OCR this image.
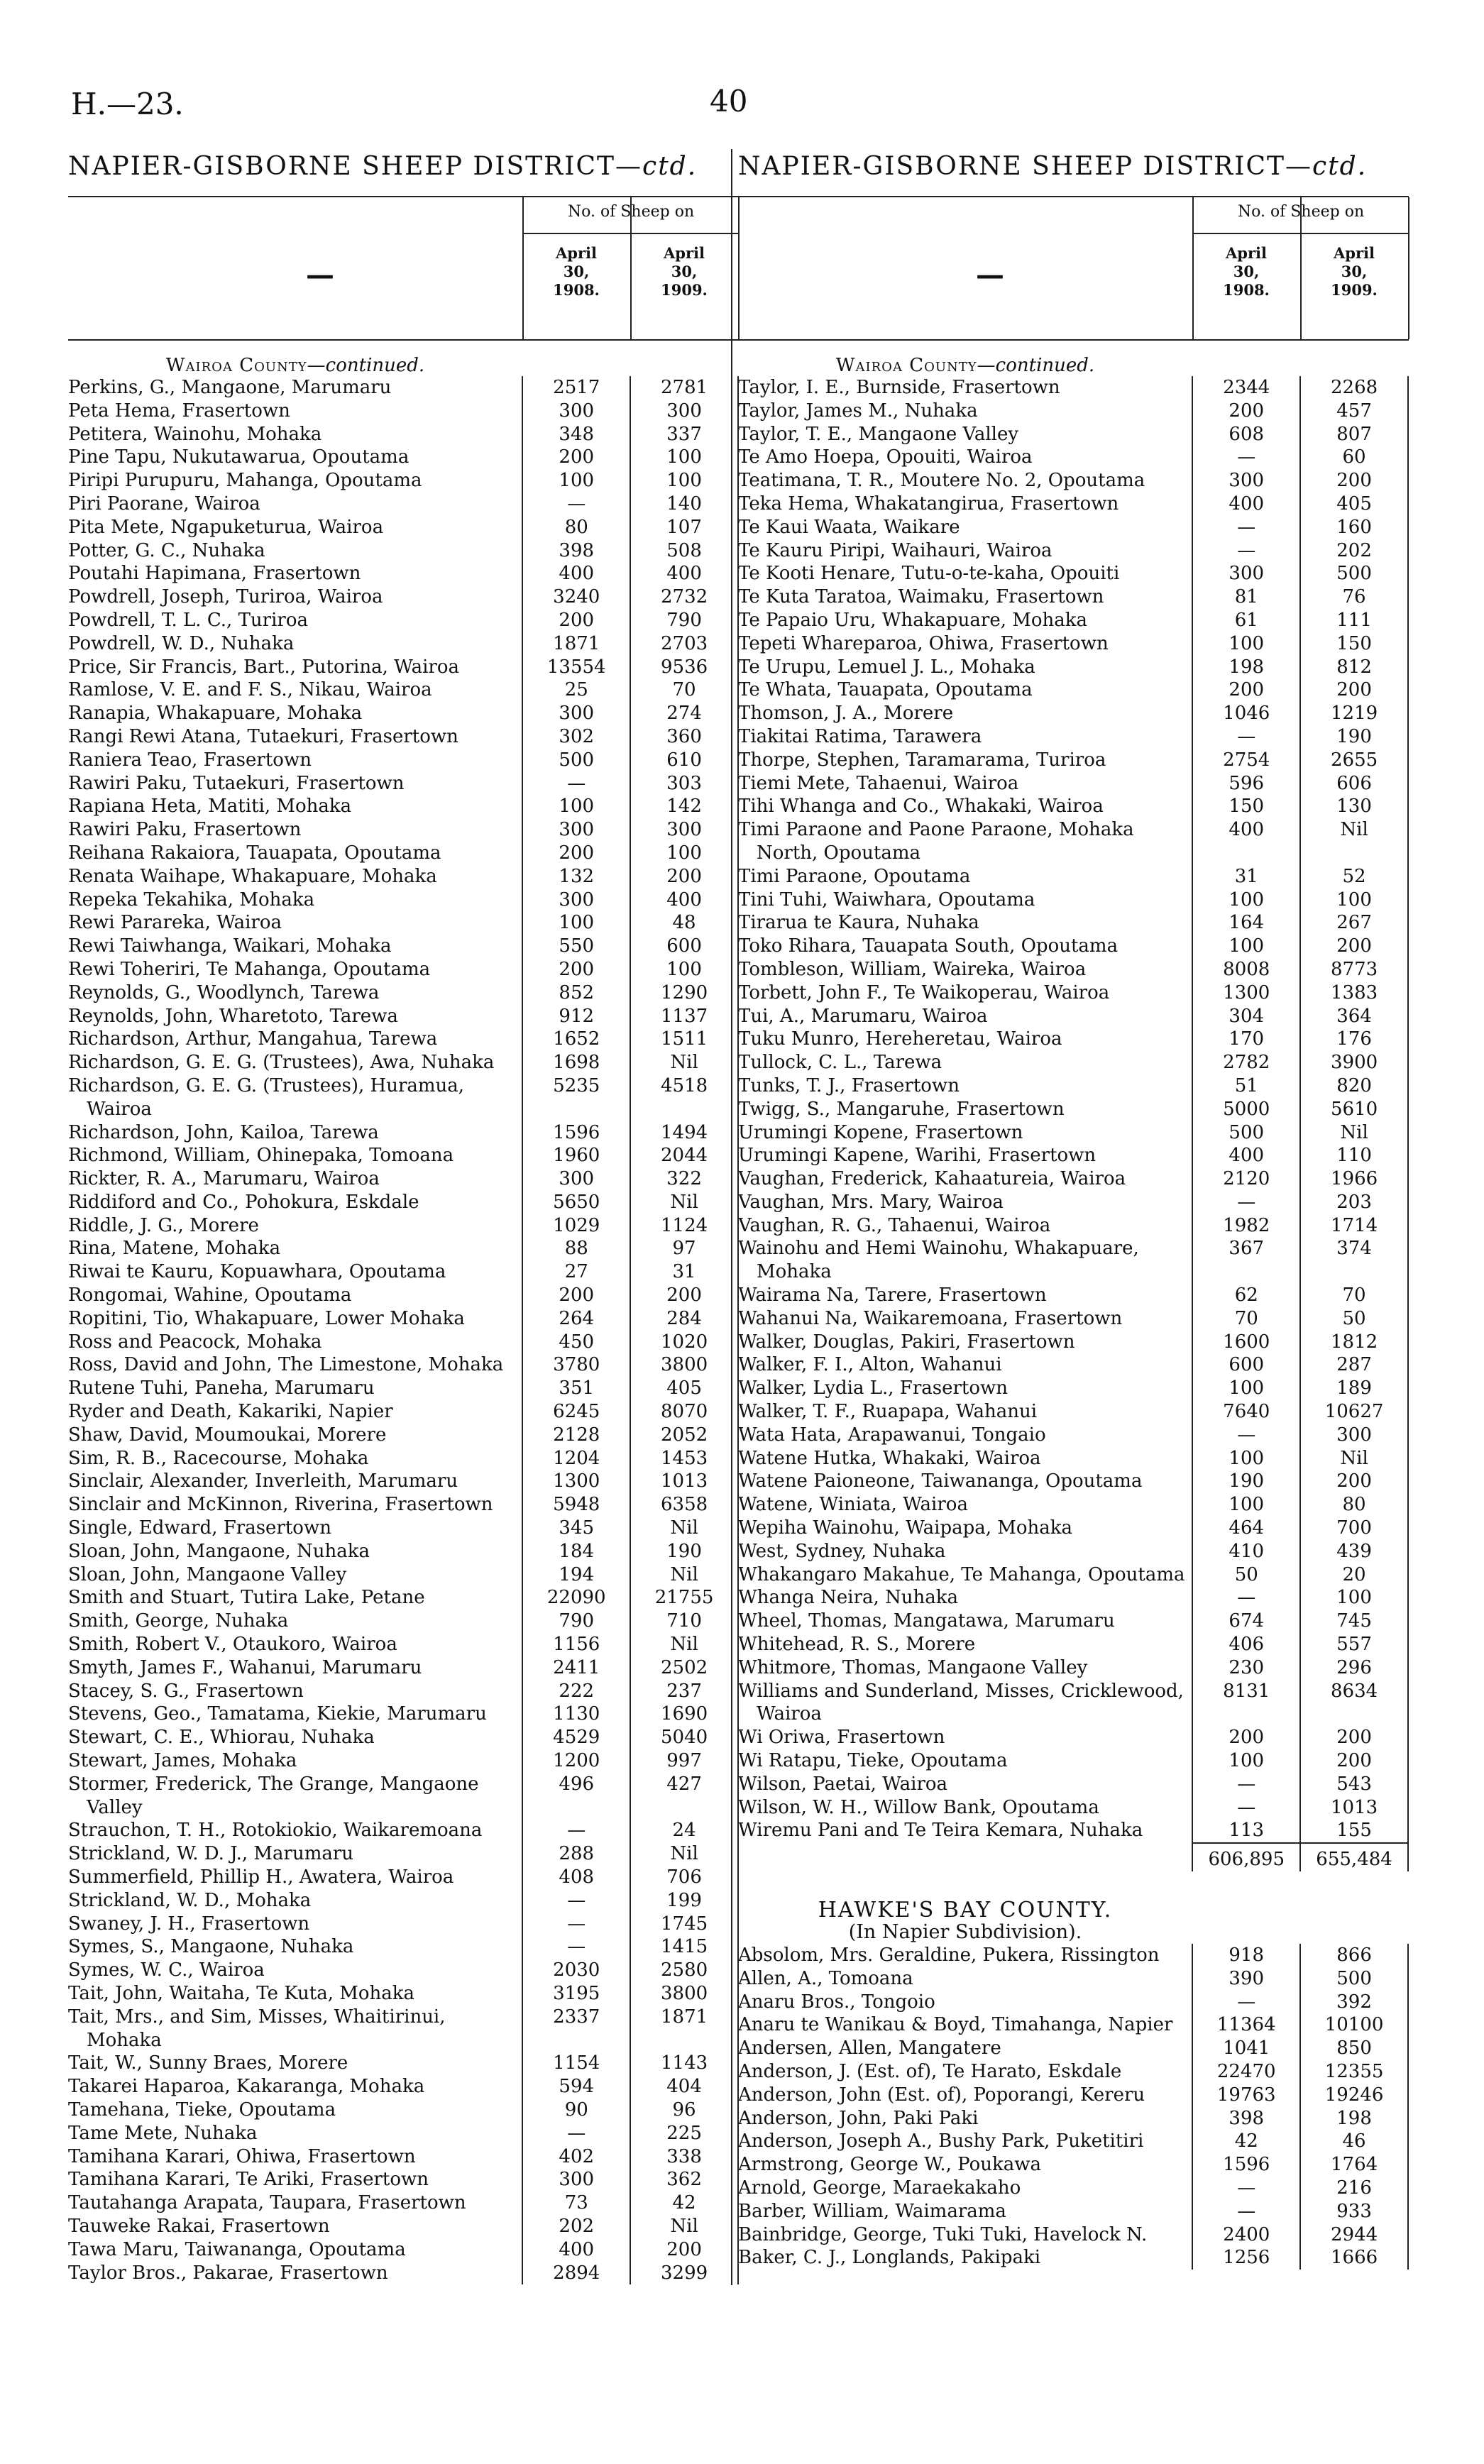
H.—23.	40
NAPIER-GISBORNE SHEEP DISTRICT—ctd.
—
No. of Sheep on
April 30, 1908.
April 30, 1909.
Wairoa County—continued.
Perkins, G., Mangaone, Marumaru	2517	2781
Peta Hema, Frasertown	300	300
Petitera, Wainohu, Mohaka	348	337
Pine Tapu, Nukutawarua, Opoutama	200	100
Piripi Purupuru, Mahanga, Opoutama	100	100
Piri Paorane, Wairoa	—	140
Pita Mete, Ngapuketurua, Wairoa	80	107
Potter, G. C., Nuhaka	398	508
Poutahi Hapimana, Frasertown	400	400
Powdrell, Joseph, Turiroa, Wairoa	3240	2732
Powdrell, T. L. C., Turiroa	200	790
Powdrell, W. D., Nuhaka	1871	2703
Price, Sir Francis, Bart., Putorina, Wairoa	13554	9536
Ramlose, V. E. and F. S., Nikau, Wairoa	25	70
Ranapia, Whakapuare, Mohaka	300	274
Rangi Rewi Atana, Tutaekuri, Frasertown	302	360
Raniera Teao, Frasertown	500	610
Rawiri Paku, Tutaekuri, Frasertown	—	303
Rapiana Heta, Matiti, Mohaka	100	142
Rawiri Paku, Frasertown	300	300
Reihana Rakaiora, Tauapata, Opoutama	200	100
Renata Waihape, Whakapuare, Mohaka	132	200
Repeka Tekahika, Mohaka	300	400
Rewi Parareka, Wairoa	100	48
Rewi Taiwhanga, Waikari, Mohaka	550	600
Rewi Toheriri, Te Mahanga, Opoutama	200	100
Reynolds, G., Woodlynch, Tarewa	852	1290
Reynolds, John, Wharetoto, Tarewa	912	1137
Richardson, Arthur, Mangahua, Tarewa	1652	1511
Richardson, G. E. G. (Trustees), Awa, Nuhaka	1698	Nil
Richardson, G. E. G. (Trustees), Huramua, Wairoa
5235	4518
Richardson, John, Kailoa, Tarewa	1596	1494
Richmond, William, Ohinepaka, Tomoana	1960	2044
Rickter, R. A., Marumaru, Wairoa	300	322
Riddiford and Co., Pohokura, Eskdale	5650	Nil
Riddle, J. G., Morere	1029	1124
Rina, Matene, Mohaka	88	97
Riwai te Kauru, Kopuawhara, Opoutama	27	31
Rongomai, Wahine, Opoutama	200	200
Ropitini, Tio, Whakapuare, Lower Mohaka	264	284
Ross and Peacock, Mohaka	450	1020
Ross, David and John, The Limestone, Mohaka	3780	3800
Rutene Tuhi, Paneha, Marumaru	351	405
Ryder and Death, Kakariki, Napier	6245	8070
Shaw, David, Moumoukai, Morere	2128	2052
Sim, R. B., Racecourse, Mohaka	1204	1453
Sinclair, Alexander, Inverleith, Marumaru	1300	1013
Sinclair and McKinnon, Riverina, Frasertown	5948	6358
Single, Edward, Frasertown	345	Nil
Sloan, John, Mangaone, Nuhaka	184	190
Sloan, John, Mangaone Valley	194	Nil
Smith and Stuart, Tutira Lake, Petane	22090	21755
Smith, George, Nuhaka	790	710
Smith, Robert V., Otaukoro, Wairoa	1156	Nil
Smyth, James F., Wahanui, Marumaru	2411	2502
Stacey, S. G., Frasertown	222	237
Stevens, Geo., Tamatama, Kiekie, Marumaru	1130	1690
Stewart, C. E., Whiorau, Nuhaka	4529	5040
Stewart, James, Mohaka	1200	997
Stormer, Frederick, The Grange, Mangaone Valley
496	427
Strauchon, T. H., Rotokiokio, Waikaremoana	—	24
Strickland, W. D. J., Marumaru	288	Nil
Summerfield, Phillip H., Awatera, Wairoa	408	706
Strickland, W. D., Mohaka	—	199
Swaney, J. H., Frasertown	—	1745
Symes, S., Mangaone, Nuhaka	—	1415
Symes, W. C., Wairoa	2030	2580
Tait, John, Waitaha, Te Kuta, Mohaka	3195	3800
Tait, Mrs., and Sim, Misses, Whaitirinui, Mohaka
2337	1871
Tait, W., Sunny Braes, Morere	1154	1143
Takarei Haparoa, Kakaranga, Mohaka	594	404
Tamehana, Tieke, Opoutama	90	96
Tame Mete, Nuhaka	—	225
Tamihana Karari, Ohiwa, Frasertown	402	338
Tamihana Karari, Te Ariki, Frasertown	300	362
Tautahanga Arapata, Taupara, Frasertown	73	42
Tauweke Rakai, Frasertown	202	Nil
Tawa Maru, Taiwananga, Opoutama	400	200
Taylor Bros., Pakarae, Frasertown	2894	3299
NAPIER-GISBORNE SHEEP DISTRICT—ctd.
—
No. of Sheep on
April 30, 1908.
April 30, 1909.
Wairoa County—continued.
Taylor, I. E., Burnside, Frasertown	2344	2268
Taylor, James M., Nuhaka	200	457
Taylor, T. E., Mangaone Valley	608	807
Te Amo Hoepa, Opouiti, Wairoa	—	60
Teatimana, T. R., Moutere No. 2, Opoutama	300	200
Teka Hema, Whakatangirua, Frasertown	400	405
Te Kaui Waata, Waikare	—	160
Te Kauru Piripi, Waihauri, Wairoa	—	202
Te Kooti Henare, Tutu-o-te-kaha, Opouiti	300	500
Te Kuta Taratoa, Waimaku, Frasertown	81	76
Te Papaio Uru, Whakapuare, Mohaka	61	111
Tepeti Whareparoa, Ohiwa, Frasertown	100	150
Te Urupu, Lemuel J. L., Mohaka	198	812
Te Whata, Tauapata, Opoutama	200	200
Thomson, J. A., Morere	1046	1219
Tiakitai Ratima, Tarawera	—	190
Thorpe, Stephen, Taramarama, Turiroa	2754	2655
Tiemi Mete, Tahaenui, Wairoa	596	606
Tihi Whanga and Co., Whakaki, Wairoa	150	130
Timi Paraone and Paone Paraone, Mohaka North, Opoutama
400	Nil
Timi Paraone, Opoutama	31	52
Tini Tuhi, Waiwhara, Opoutama	100	100
Tirarua te Kaura, Nuhaka	164	267
Toko Rihara, Tauapata South, Opoutama	100	200
Tombleson, William, Waireka, Wairoa	8008	8773
Torbett, John F., Te Waikoperau, Wairoa	1300	1383
Tui, A., Marumaru, Wairoa	304	364
Tuku Munro, Hereheretau, Wairoa	170	176
Tullock, C. L., Tarewa	2782	3900
Tunks, T. J., Frasertown	51	820
Twigg, S., Mangaruhe, Frasertown	5000	5610
Urumingi Kopene, Frasertown	500	Nil
Urumingi Kapene, Warihi, Frasertown	400	110
Vaughan, Frederick, Kahaatureia, Wairoa	2120	1966
Vaughan, Mrs. Mary, Wairoa	—	203
Vaughan, R. G., Tahaenui, Wairoa	1982	1714
Wainohu and Hemi Wainohu, Whakapuare, Mohaka
367	374
Wairama Na, Tarere, Frasertown	62	70
Wahanui Na, Waikaremoana, Frasertown	70	50
Walker, Douglas, Pakiri, Frasertown	1600	1812
Walker, F. I., Alton, Wahanui	600	287
Walker, Lydia L., Frasertown	100	189
Walker, T. F., Ruapapa, Wahanui	7640	10627
Wata Hata, Arapawanui, Tongaio	—	300
Watene Hutka, Whakaki, Wairoa	100	Nil
Watene Paioneone, Taiwananga, Opoutama	190	200
Watene, Winiata, Wairoa	100	80
Wepiha Wainohu, Waipapa, Mohaka	464	700
West, Sydney, Nuhaka	410	439
Whakangaro Makahue, Te Mahanga, Opoutama	50	20
Whanga Neira, Nuhaka	—	100
Wheel, Thomas, Mangatawa, Marumaru	674	745
Whitehead, R. S., Morere	406	557
Whitmore, Thomas, Mangaone Valley	230	296
Williams and Sunderland, Misses, Cricklewood, Wairoa
8131	8634
Wi Oriwa, Frasertown	200	200
Wi Ratapu, Tieke, Opoutama	100	200
Wilson, Paetai, Wairoa	—	543
Wilson, W. H., Willow Bank, Opoutama	—	1013
Wiremu Pani and Te Teira Kemara, Nuhaka	113	155
606,895	655,484
HAWKE'S BAY COUNTY.
(In Napier Subdivision).
Absolom, Mrs. Geraldine, Pukera, Rissington	918	866
Allen, A., Tomoana	390	500
Anaru Bros., Tongoio	—	392
Anaru te Wanikau & Boyd, Timahanga, Napier	11364	10100
Andersen, Allen, Mangatere	1041	850
Anderson, J. (Est. of), Te Harato, Eskdale	22470	12355
Anderson, John (Est. of), Poporangi, Kereru	19763	19246
Anderson, John, Paki Paki	398	198
Anderson, Joseph A., Bushy Park, Puketitiri	42	46
Armstrong, George W., Poukawa	1596	1764
Arnold, George, Maraekakaho	—	216
Barber, William, Waimarama	—	933
Bainbridge, George, Tuki Tuki, Havelock N.	2400	2944
Baker, C. J., Longlands, Pakipaki	1256	1666
